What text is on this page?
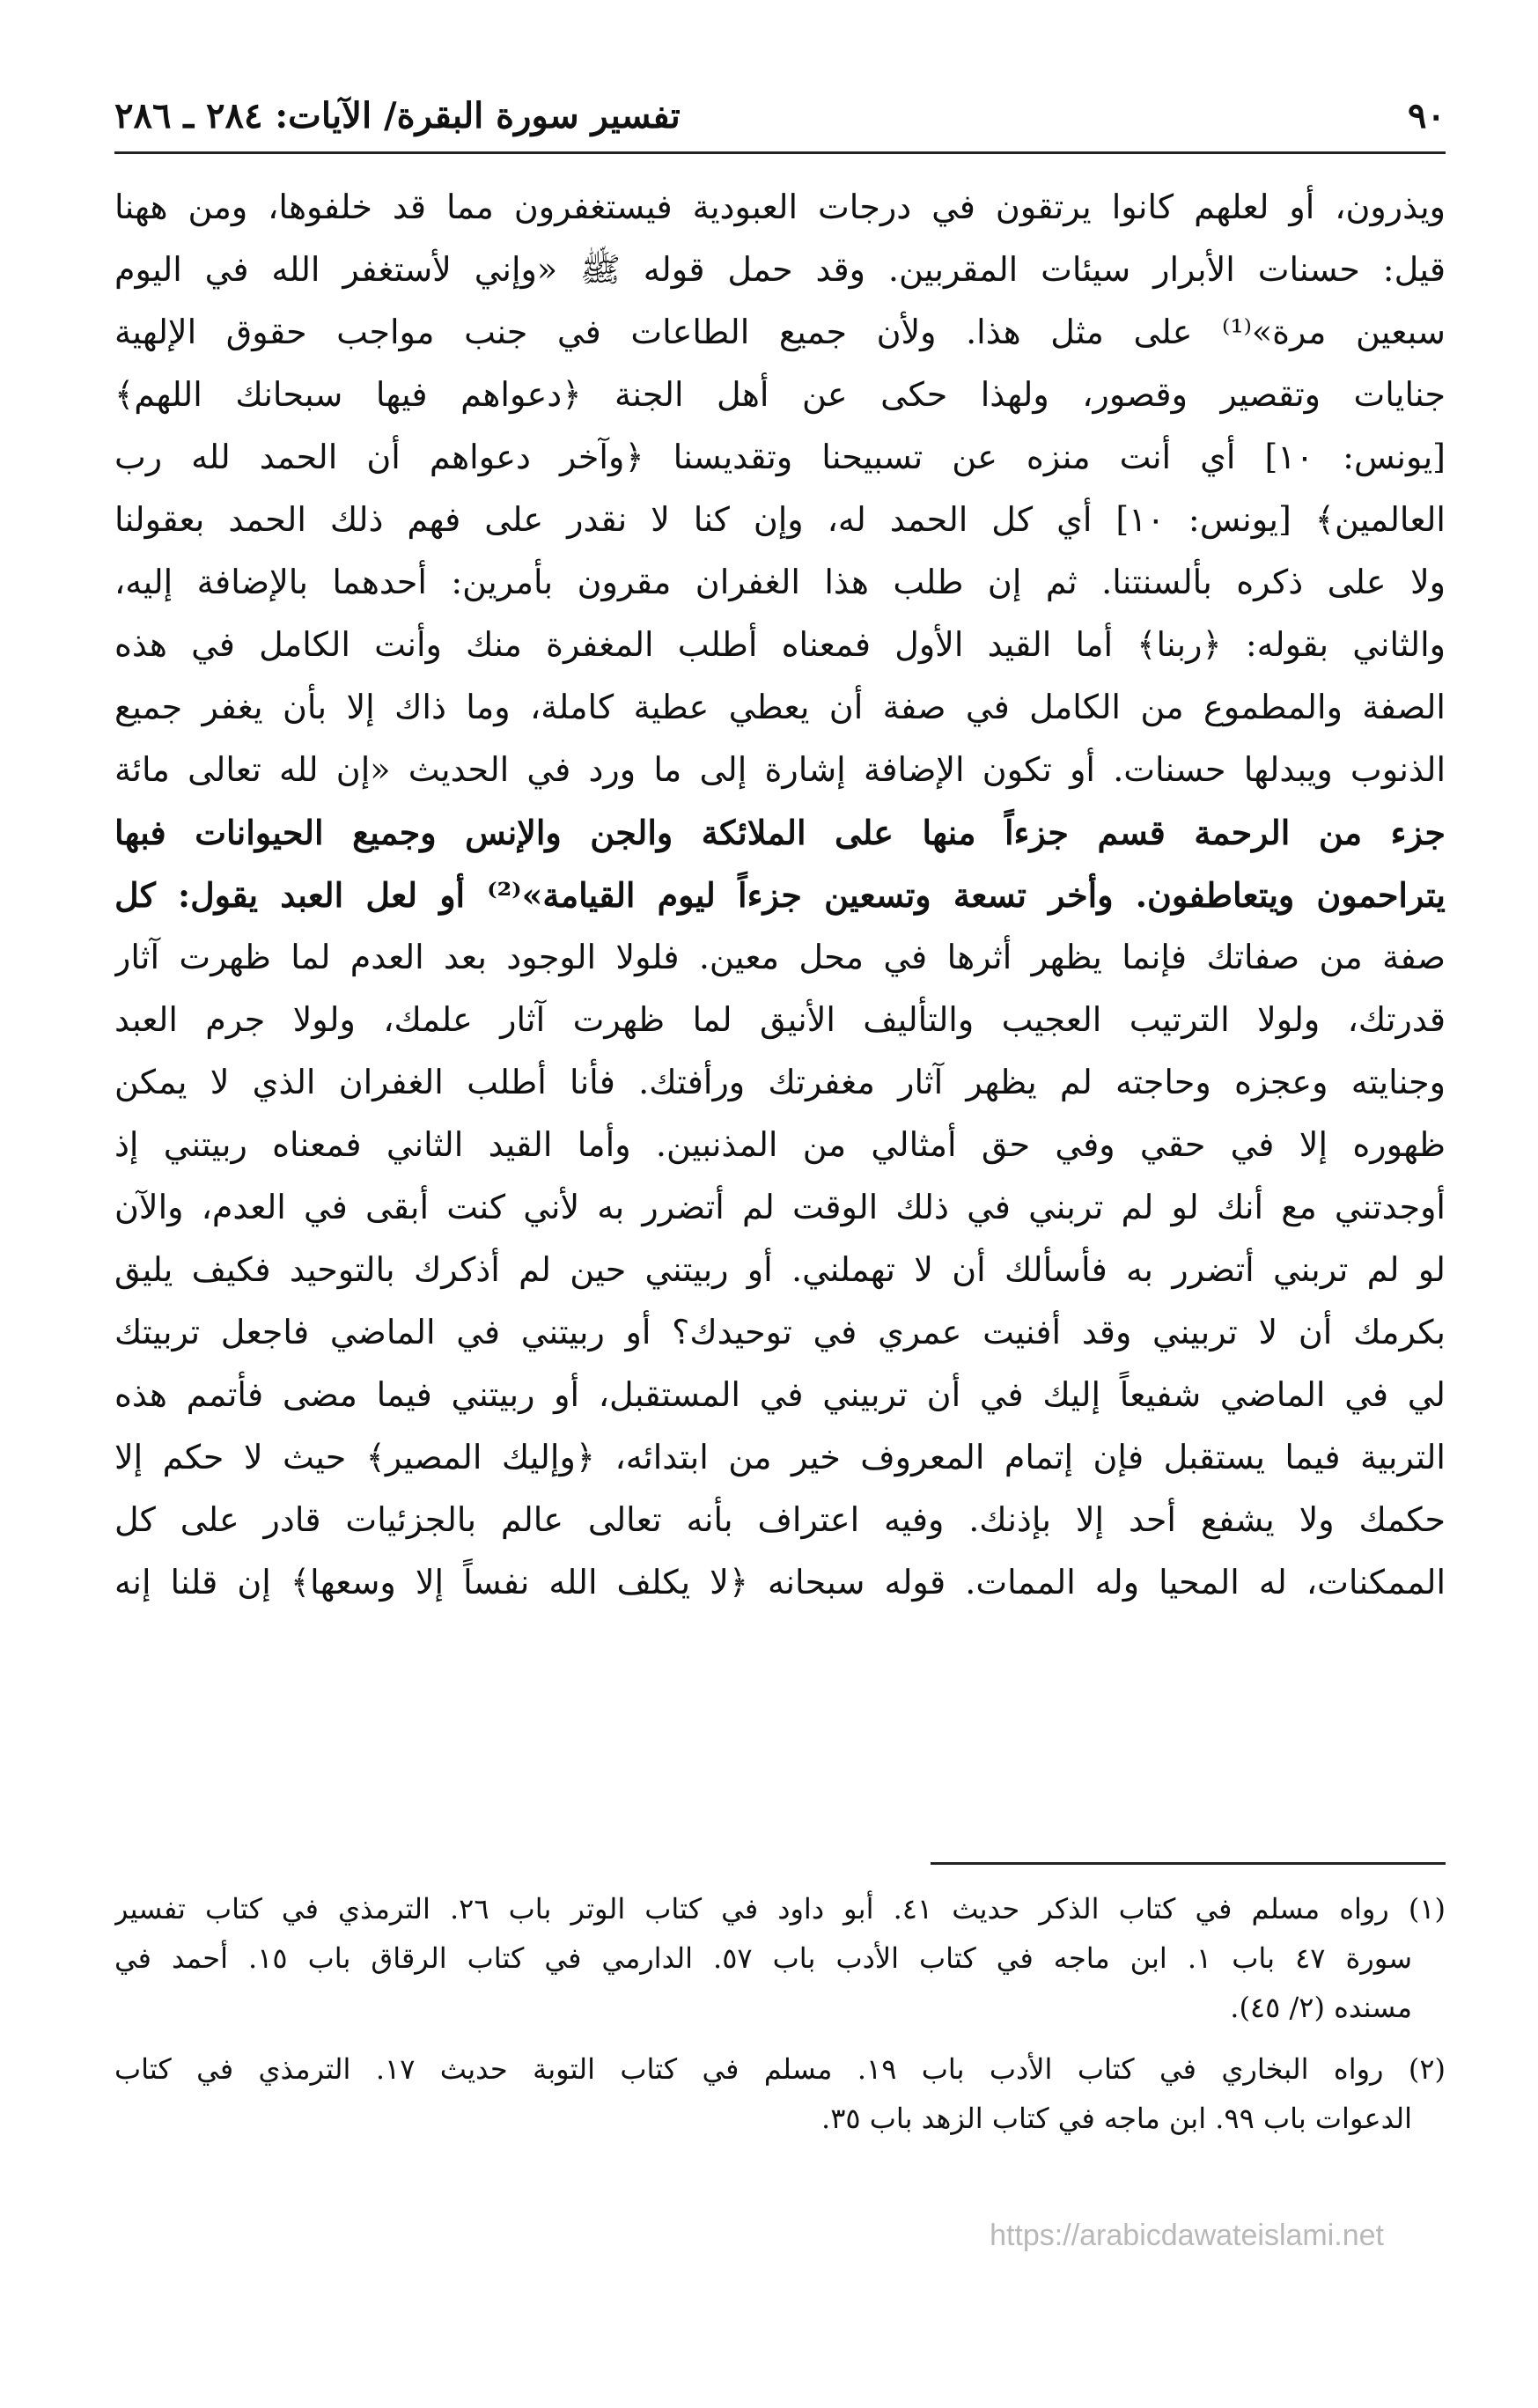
٩٠
تفسير سورة البقرة/ الآيات: ٢٨٤ ـ ٢٨٦
ويذرون، أو لعلهم كانوا يرتقون في درجات العبودية فيستغفرون مما قد خلفوها، ومن ههنا
قيل: حسنات الأبرار سيئات المقربين. وقد حمل قوله ﷺ «وإني لأستغفر الله في اليوم
سبعين مرة»⁽¹⁾ على مثل هذا. ولأن جميع الطاعات في جنب مواجب حقوق الإلهية
جنايات وتقصير وقصور، ولهذا حكى عن أهل الجنة ﴿دعواهم فيها سبحانك اللهم﴾
[يونس: ١٠] أي أنت منزه عن تسبيحنا وتقديسنا ﴿وآخر دعواهم أن الحمد لله رب
العالمين﴾ [يونس: ١٠] أي كل الحمد له، وإن كنا لا نقدر على فهم ذلك الحمد بعقولنا
ولا على ذكره بألسنتنا. ثم إن طلب هذا الغفران مقرون بأمرين: أحدهما بالإضافة إليه،
والثاني بقوله: ﴿ربنا﴾ أما القيد الأول فمعناه أطلب المغفرة منك وأنت الكامل في هذه
الصفة والمطموع من الكامل في صفة أن يعطي عطية كاملة، وما ذاك إلا بأن يغفر جميع
الذنوب ويبدلها حسنات. أو تكون الإضافة إشارة إلى ما ورد في الحديث «إن لله تعالى مائة
جزء من الرحمة قسم جزءاً منها على الملائكة والجن والإنس وجميع الحيوانات فبها
يتراحمون ويتعاطفون. وأخر تسعة وتسعين جزءاً ليوم القيامة»⁽²⁾ أو لعل العبد يقول: كل
صفة من صفاتك فإنما يظهر أثرها في محل معين. فلولا الوجود بعد العدم لما ظهرت آثار
قدرتك، ولولا الترتيب العجيب والتأليف الأنيق لما ظهرت آثار علمك، ولولا جرم العبد
وجنايته وعجزه وحاجته لم يظهر آثار مغفرتك ورأفتك. فأنا أطلب الغفران الذي لا يمكن
ظهوره إلا في حقي وفي حق أمثالي من المذنبين. وأما القيد الثاني فمعناه ربيتني إذ
أوجدتني مع أنك لو لم تربني في ذلك الوقت لم أتضرر به لأني كنت أبقى في العدم، والآن
لو لم تربني أتضرر به فأسألك أن لا تهملني. أو ربيتني حين لم أذكرك بالتوحيد فكيف يليق
بكرمك أن لا تربيني وقد أفنيت عمري في توحيدك؟ أو ربيتني في الماضي فاجعل تربيتك
لي في الماضي شفيعاً إليك في أن تربيني في المستقبل، أو ربيتني فيما مضى فأتمم هذه
التربية فيما يستقبل فإن إتمام المعروف خير من ابتدائه، ﴿وإليك المصير﴾ حيث لا حكم إلا
حكمك ولا يشفع أحد إلا بإذنك. وفيه اعتراف بأنه تعالى عالم بالجزئيات قادر على كل
الممكنات، له المحيا وله الممات. قوله سبحانه ﴿لا يكلف الله نفساً إلا وسعها﴾ إن قلنا إنه
(١) رواه مسلم في كتاب الذكر حديث ٤١. أبو داود في كتاب الوتر باب ٢٦. الترمذي في كتاب تفسير
سورة ٤٧ باب ١. ابن ماجه في كتاب الأدب باب ٥٧. الدارمي في كتاب الرقاق باب ١٥. أحمد في
مسنده (٢/ ٤٥).
(٢) رواه البخاري في كتاب الأدب باب ١٩. مسلم في كتاب التوبة حديث ١٧. الترمذي في كتاب
الدعوات باب ٩٩. ابن ماجه في كتاب الزهد باب ٣٥.
https://arabicdawateislami.net
